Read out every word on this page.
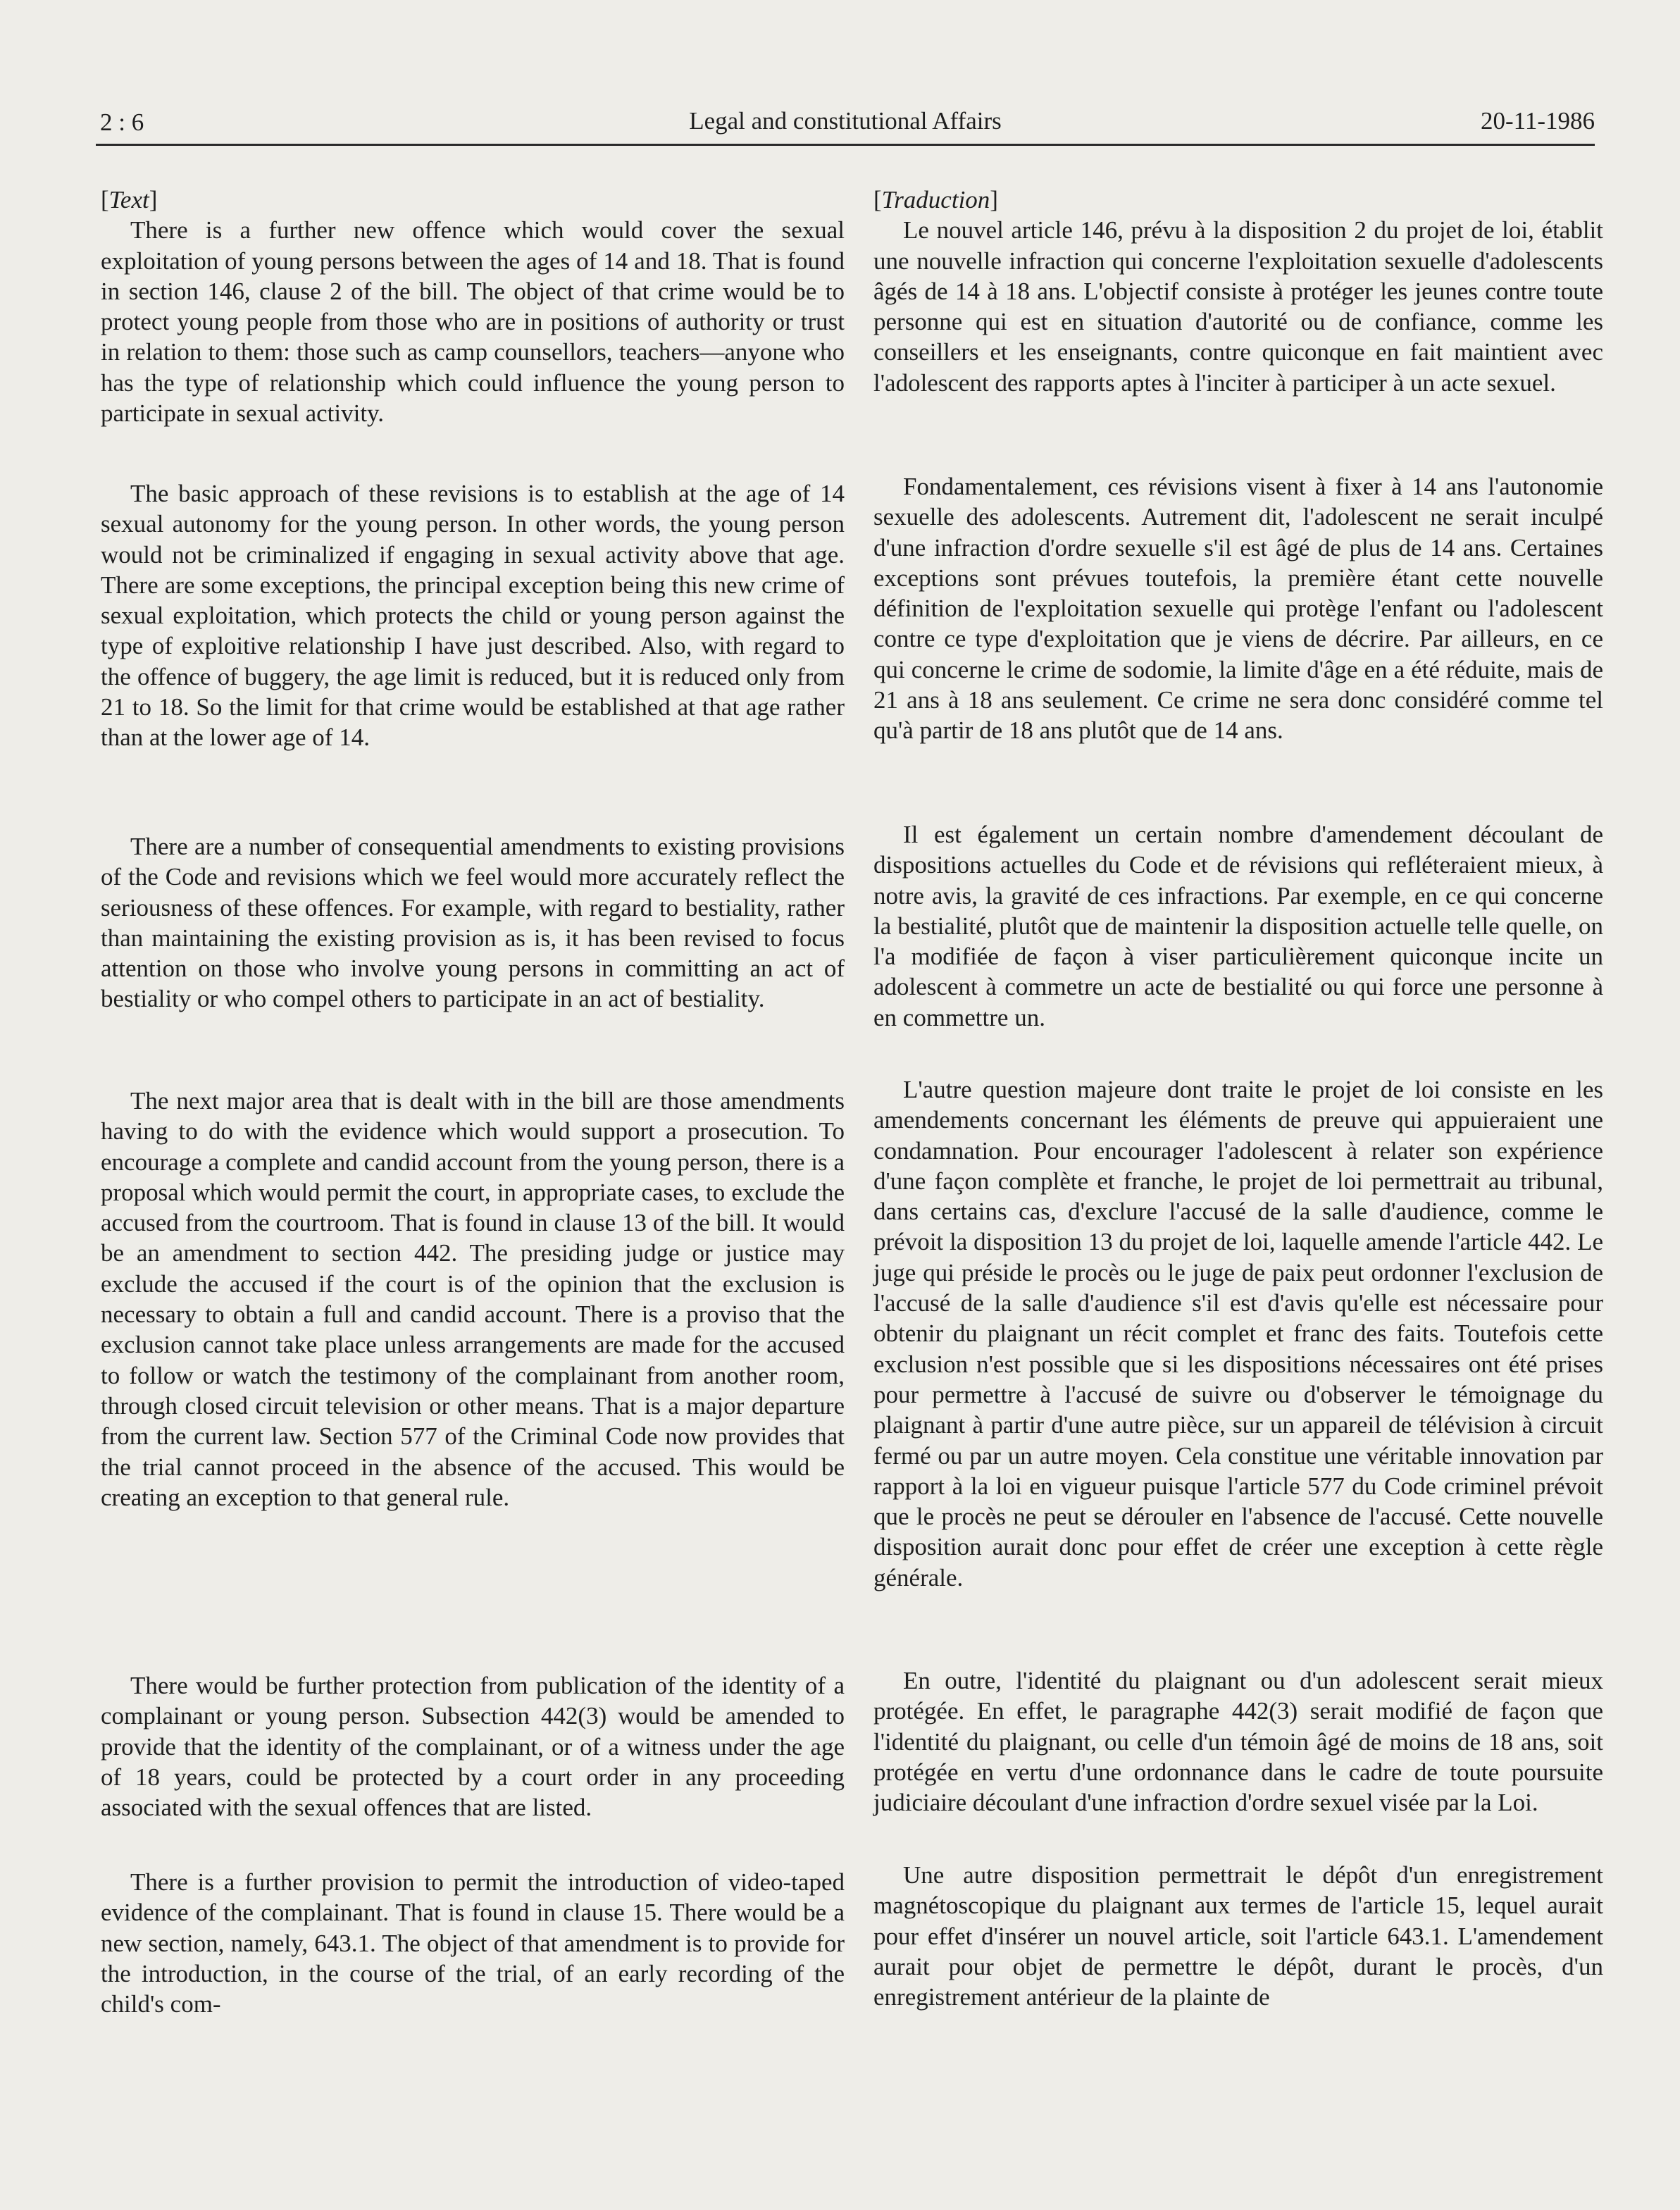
2 : 6	Legal and constitutional Affairs	20-11-1986

[Text]

There is a further new offence which would cover the sexual exploitation of young persons between the ages of 14 and 18. That is found in section 146, clause 2 of the bill. The object of that crime would be to protect young people from those who are in positions of authority or trust in relation to them: those such as camp counsellors, teachers—anyone who has the type of relationship which could influence the young person to participate in sexual activity.

The basic approach of these revisions is to establish at the age of 14 sexual autonomy for the young person. In other words, the young person would not be criminalized if engaging in sexual activity above that age. There are some exceptions, the principal exception being this new crime of sexual exploitation, which protects the child or young person against the type of exploitive relationship I have just described. Also, with regard to the offence of buggery, the age limit is reduced, but it is reduced only from 21 to 18. So the limit for that crime would be established at that age rather than at the lower age of 14.

There are a number of consequential amendments to existing provisions of the Code and revisions which we feel would more accurately reflect the seriousness of these offences. For example, with regard to bestiality, rather than maintaining the existing provision as is, it has been revised to focus attention on those who involve young persons in committing an act of bestiality or who compel others to participate in an act of bestiality.

The next major area that is dealt with in the bill are those amendments having to do with the evidence which would support a prosecution. To encourage a complete and candid account from the young person, there is a proposal which would permit the court, in appropriate cases, to exclude the accused from the courtroom. That is found in clause 13 of the bill. It would be an amendment to section 442. The presiding judge or justice may exclude the accused if the court is of the opinion that the exclusion is necessary to obtain a full and candid account. There is a proviso that the exclusion cannot take place unless arrangements are made for the accused to follow or watch the testimony of the complainant from another room, through closed circuit television or other means. That is a major departure from the current law. Section 577 of the Criminal Code now provides that the trial cannot proceed in the absence of the accused. This would be creating an exception to that general rule.

There would be further protection from publication of the identity of a complainant or young person. Subsection 442(3) would be amended to provide that the identity of the complainant, or of a witness under the age of 18 years, could be protected by a court order in any proceeding associated with the sexual offences that are listed.

There is a further provision to permit the introduction of video-taped evidence of the complainant. That is found in clause 15. There would be a new section, namely, 643.1. The object of that amendment is to provide for the introduction, in the course of the trial, of an early recording of the child's com-

[Traduction]

Le nouvel article 146, prévu à la disposition 2 du projet de loi, établit une nouvelle infraction qui concerne l'exploitation sexuelle d'adolescents âgés de 14 à 18 ans. L'objectif consiste à protéger les jeunes contre toute personne qui est en situation d'autorité ou de confiance, comme les conseillers et les enseignants, contre quiconque en fait maintient avec l'adolescent des rapports aptes à l'inciter à participer à un acte sexuel.

Fondamentalement, ces révisions visent à fixer à 14 ans l'autonomie sexuelle des adolescents. Autrement dit, l'adolescent ne serait inculpé d'une infraction d'ordre sexuelle s'il est âgé de plus de 14 ans. Certaines exceptions sont prévues toutefois, la première étant cette nouvelle définition de l'exploitation sexuelle qui protège l'enfant ou l'adolescent contre ce type d'exploitation que je viens de décrire. Par ailleurs, en ce qui concerne le crime de sodomie, la limite d'âge en a été réduite, mais de 21 ans à 18 ans seulement. Ce crime ne sera donc considéré comme tel qu'à partir de 18 ans plutôt que de 14 ans.

Il est également un certain nombre d'amendement découlant de dispositions actuelles du Code et de révisions qui refléteraient mieux, à notre avis, la gravité de ces infractions. Par exemple, en ce qui concerne la bestialité, plutôt que de maintenir la disposition actuelle telle quelle, on l'a modifiée de façon à viser particulièrement quiconque incite un adolescent à commetre un acte de bestialité ou qui force une personne à en commettre un.

L'autre question majeure dont traite le projet de loi consiste en les amendements concernant les éléments de preuve qui appuieraient une condamnation. Pour encourager l'adolescent à relater son expérience d'une façon complète et franche, le projet de loi permettrait au tribunal, dans certains cas, d'exclure l'accusé de la salle d'audience, comme le prévoit la disposition 13 du projet de loi, laquelle amende l'article 442. Le juge qui préside le procès ou le juge de paix peut ordonner l'exclusion de l'accusé de la salle d'audience s'il est d'avis qu'elle est nécessaire pour obtenir du plaignant un récit complet et franc des faits. Toutefois cette exclusion n'est possible que si les dispositions nécessaires ont été prises pour permettre à l'accusé de suivre ou d'observer le témoignage du plaignant à partir d'une autre pièce, sur un appareil de télévision à circuit fermé ou par un autre moyen. Cela constitue une véritable innovation par rapport à la loi en vigueur puisque l'article 577 du Code criminel prévoit que le procès ne peut se dérouler en l'absence de l'accusé. Cette nouvelle disposition aurait donc pour effet de créer une exception à cette règle générale.

En outre, l'identité du plaignant ou d'un adolescent serait mieux protégée. En effet, le paragraphe 442(3) serait modifié de façon que l'identité du plaignant, ou celle d'un témoin âgé de moins de 18 ans, soit protégée en vertu d'une ordonnance dans le cadre de toute poursuite judiciaire découlant d'une infraction d'ordre sexuel visée par la Loi.

Une autre disposition permettrait le dépôt d'un enregistrement magnétoscopique du plaignant aux termes de l'article 15, lequel aurait pour effet d'insérer un nouvel article, soit l'article 643.1. L'amendement aurait pour objet de permettre le dépôt, durant le procès, d'un enregistrement antérieur de la plainte de
